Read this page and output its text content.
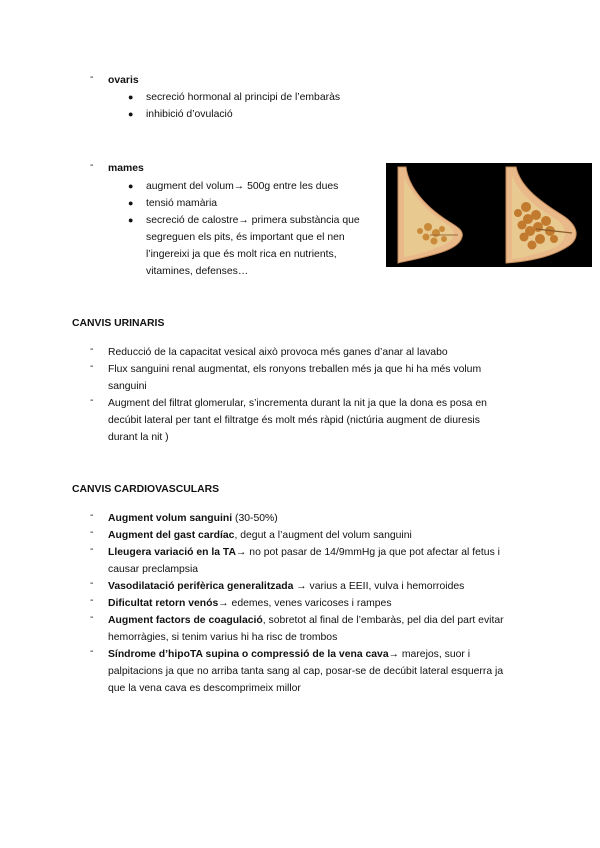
- ovaris
● secreció hormonal al principi de l’embaràs
● inhibició d’ovulació
- mames
● augment del volum→ 500g entre les dues
● tensió mamària
● secreció de calostre→ primera substància que
segreguen els pits, és important que el nen
l’ingereixi ja que és molt rica en nutrients,
vitamines, defenses…
CANVIS URINARIS
- Reducció de la capacitat vesical això provoca més ganes d’anar al lavabo
- Flux sanguini renal augmentat, els ronyons treballen més ja que hi ha més volum
sanguini
- Augment del filtrat glomerular, s’incrementa durant la nit ja que la dona es posa en
decúbit lateral per tant el filtratge és molt més ràpid (nictúria augment de diuresis
durant la nit )
CANVIS CARDIOVASCULARS
- Augment volum sanguini (30-50%)
- Augment del gast cardíac, degut a l’augment del volum sanguini
- Lleugera variació en la TA→ no pot pasar de 14/9mmHg ja que pot afectar al fetus i
causar preclampsia
- Vasodilatació perifèrica generalitzada → varius a EEII, vulva i hemorroides
- Dificultat retorn venós→ edemes, venes varicoses i rampes
- Augment factors de coagulació, sobretot al final de l’embaràs, pel dia del part evitar
hemorràgies, si tenim varius hi ha risc de trombos
- Síndrome d’hipoTA supina o compressió de la vena cava→ marejos, suor i
palpitacions ja que no arriba tanta sang al cap, posar-se de decúbit lateral esquerra ja
que la vena cava es descomprimeix millor
